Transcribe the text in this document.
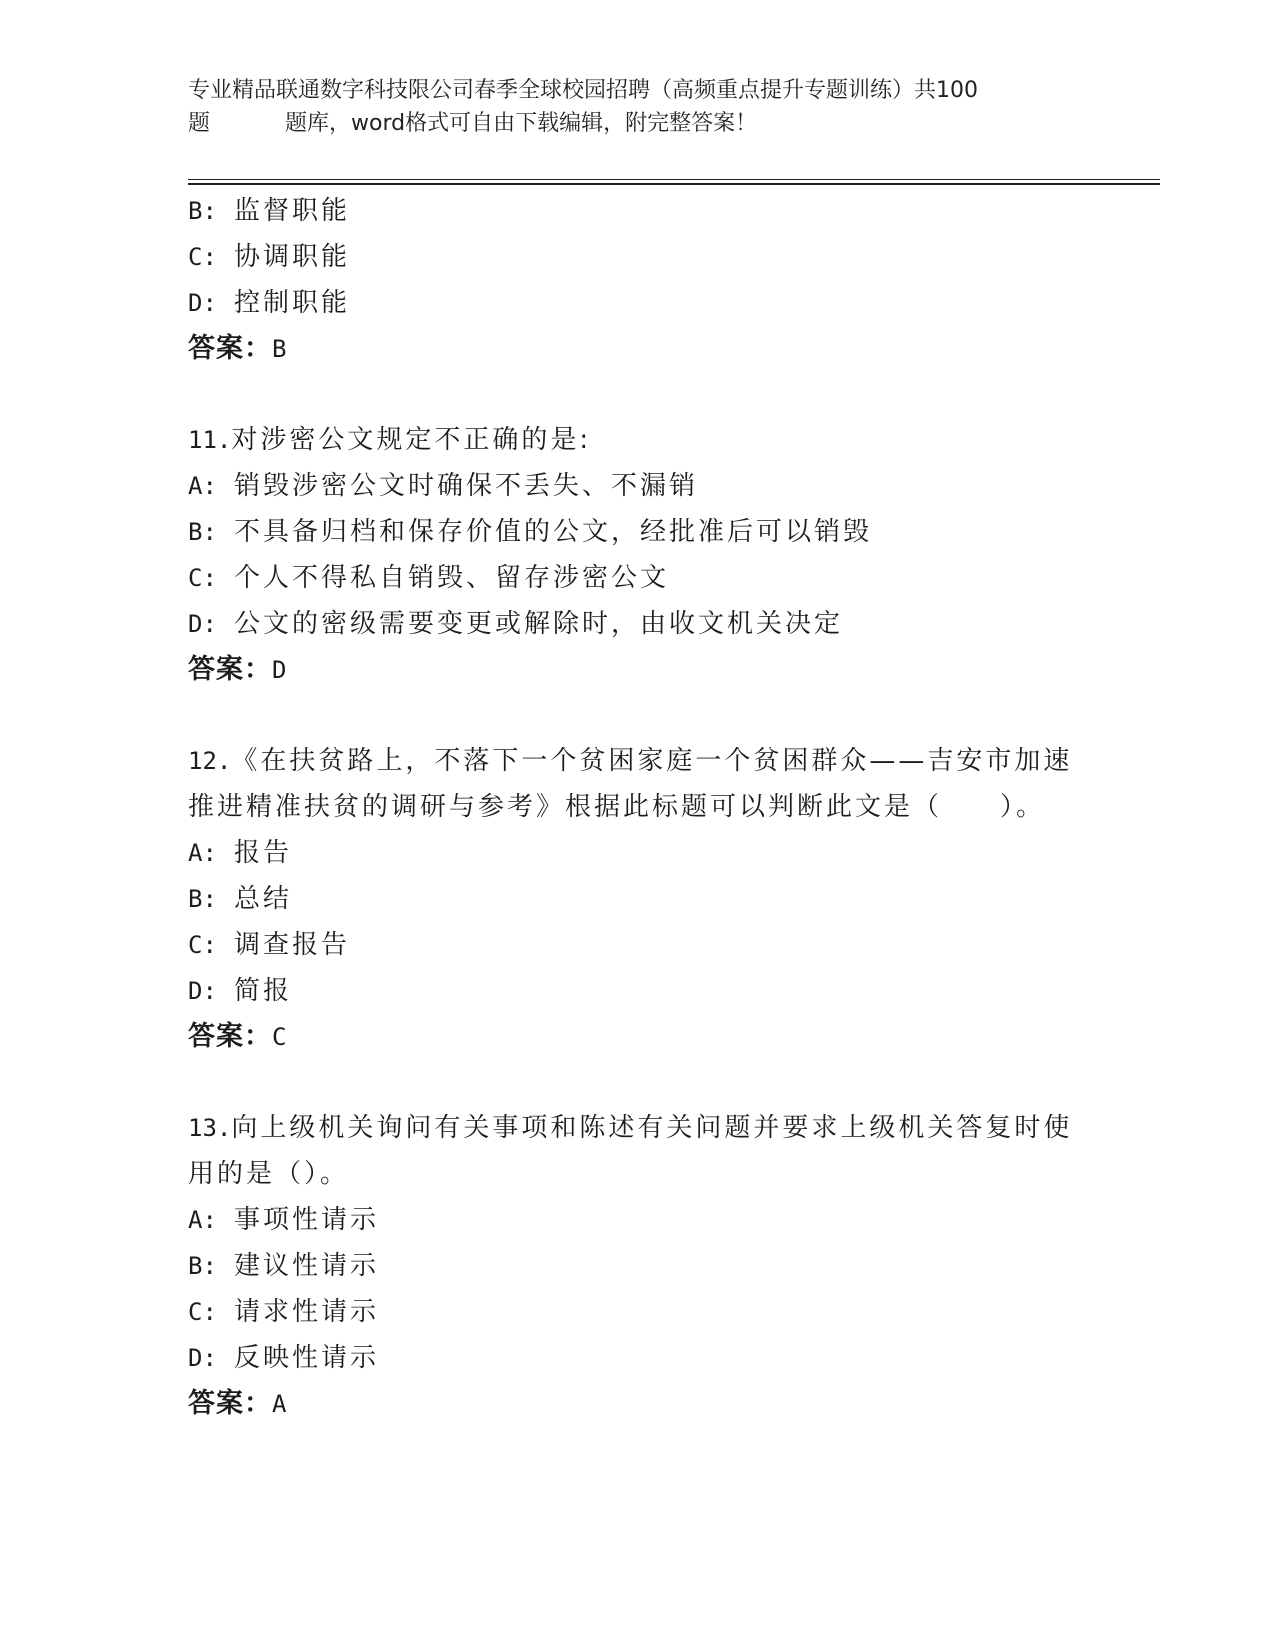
专业精品联通数字科技限公司春季全球校园招聘（高频重点提升专题训练）共100
题	题库，word格式可自由下载编辑，附完整答案！
B: 监督职能
C: 协调职能
D: 控制职能
答案：B
11.对涉密公文规定不正确的是:
A: 销毁涉密公文时确保不丢失、不漏销
B: 不具备归档和保存价值的公文，经批准后可以销毁
C: 个人不得私自销毁、留存涉密公文
D: 公文的密级需要变更或解除时，由收文机关决定
答案：D
12.《在扶贫路上，不落下一个贫困家庭一个贫困群众——吉安市加速
推进精准扶贫的调研与参考》根据此标题可以判断此文是（　　）。
A: 报告
B: 总结
C: 调查报告
D: 简报
答案：C
13.向上级机关询问有关事项和陈述有关问题并要求上级机关答复时使
用的是（）。
A: 事项性请示
B: 建议性请示
C: 请求性请示
D: 反映性请示
答案：A
